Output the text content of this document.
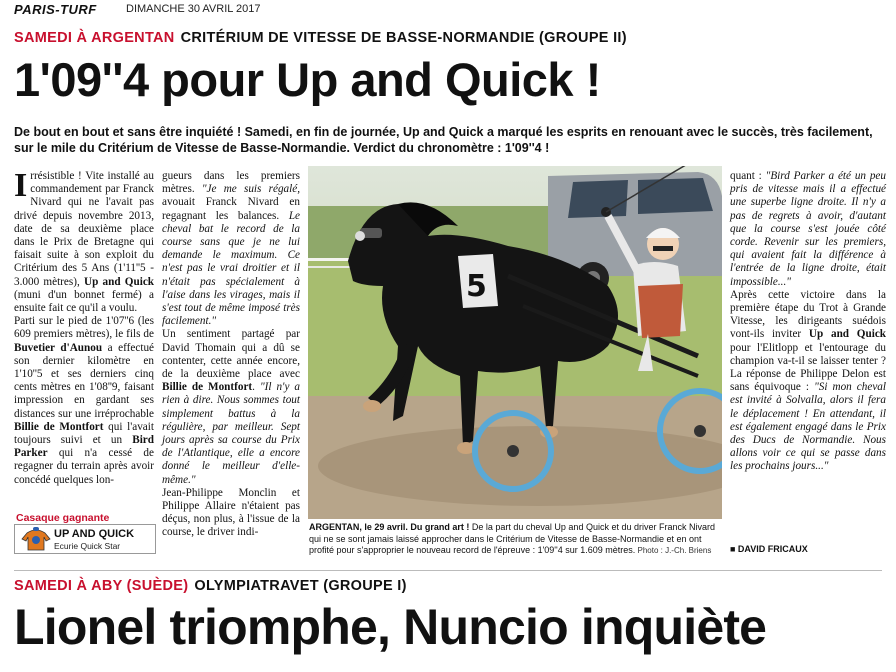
PARIS-TURF	DIMANCHE 30 AVRIL 2017
SAMEDI À ARGENTAN CRITÉRIUM DE VITESSE DE BASSE-NORMANDIE (GROUPE II)
1'09''4 pour Up and Quick !
De bout en bout et sans être inquiété ! Samedi, en fin de journée, Up and Quick a marqué les esprits en renouant avec le succès, très facilement, sur le mile du Critérium de Vitesse de Basse-Normandie. Verdict du chronomètre : 1'09''4 !

Irrésistible ! Vite installé au commandement par Franck Nivard qui ne l'avait pas drivé depuis novembre 2013, date de sa deuxième place dans le Prix de Bretagne qui faisait suite à son exploit du Critérium des 5 Ans (1'11''5 - 3.000 mètres), Up and Quick (muni d'un bonnet fermé) a ensuite fait ce qu'il a voulu.

Parti sur le pied de 1'07''6 (les 609 premiers mètres), le fils de Buvetier d'Aunou a effectué son dernier kilomètre en 1'10''5 et ses derniers cinq cents mètres en 1'08''9, faisant impression en gardant ses distances sur une irréprochable Billie de Montfort qui l'avait toujours suivi et un Bird Parker qui n'a cessé de regagner du terrain après avoir concédé quelques lon-

Casaque gagnante
UP AND QUICK
Ecurie Quick Star

gueurs dans les premiers mètres. "Je me suis régalé, avouait Franck Nivard en regagnant les balances. Le cheval bat le record de la course sans que je ne lui demande le maximum. Ce n'est pas le vrai droitier et il n'était pas spécialement à l'aise dans les virages, mais il s'est tout de même imposé très facilement."

Un sentiment partagé par David Thomain qui a dû se contenter, cette année encore, de la deuxième place avec Billie de Montfort. "Il n'y a rien à dire. Nous sommes tout simplement battus à la régulière, par meilleur. Sept jours après sa course du Prix de l'Atlantique, elle a encore donné le meilleur d'elle-même."

Jean-Philippe Monclin et Philippe Allaire n'étaient pas déçus, non plus, à l'issue de la course, le driver indi-

5
ARGENTAN, le 29 avril. Du grand art ! De la part du cheval Up and Quick et du driver Franck Nivard qui ne se sont jamais laissé approcher dans le Critérium de Vitesse de Basse-Normandie et en ont profité pour s'approprier le nouveau record de l'épreuve : 1'09''4 sur 1.609 mètres. Photo : J.-Ch. Briens

quant : "Bird Parker a été un peu pris de vitesse mais il a effectué une superbe ligne droite. Il n'y a pas de regrets à avoir, d'autant que la course s'est jouée côté corde. Revenir sur les premiers, qui avaient fait la différence à l'entrée de la ligne droite, était impossible..."

Après cette victoire dans la première étape du Trot à Grande Vitesse, les dirigeants suédois vont-ils inviter Up and Quick pour l'Elitlopp et l'entourage du champion va-t-il se laisser tenter ? La réponse de Philippe Delon est sans équivoque : "Si mon cheval est invité à Solvalla, alors il fera le déplacement ! En attendant, il est également engagé dans le Prix des Ducs de Normandie. Nous allons voir ce qui se passe dans les prochains jours..."

■ DAVID FRICAUX
SAMEDI À ABY (SUÈDE) OLYMPIATRAVET (GROUPE I)
Lionel triomphe, Nuncio inquiète
